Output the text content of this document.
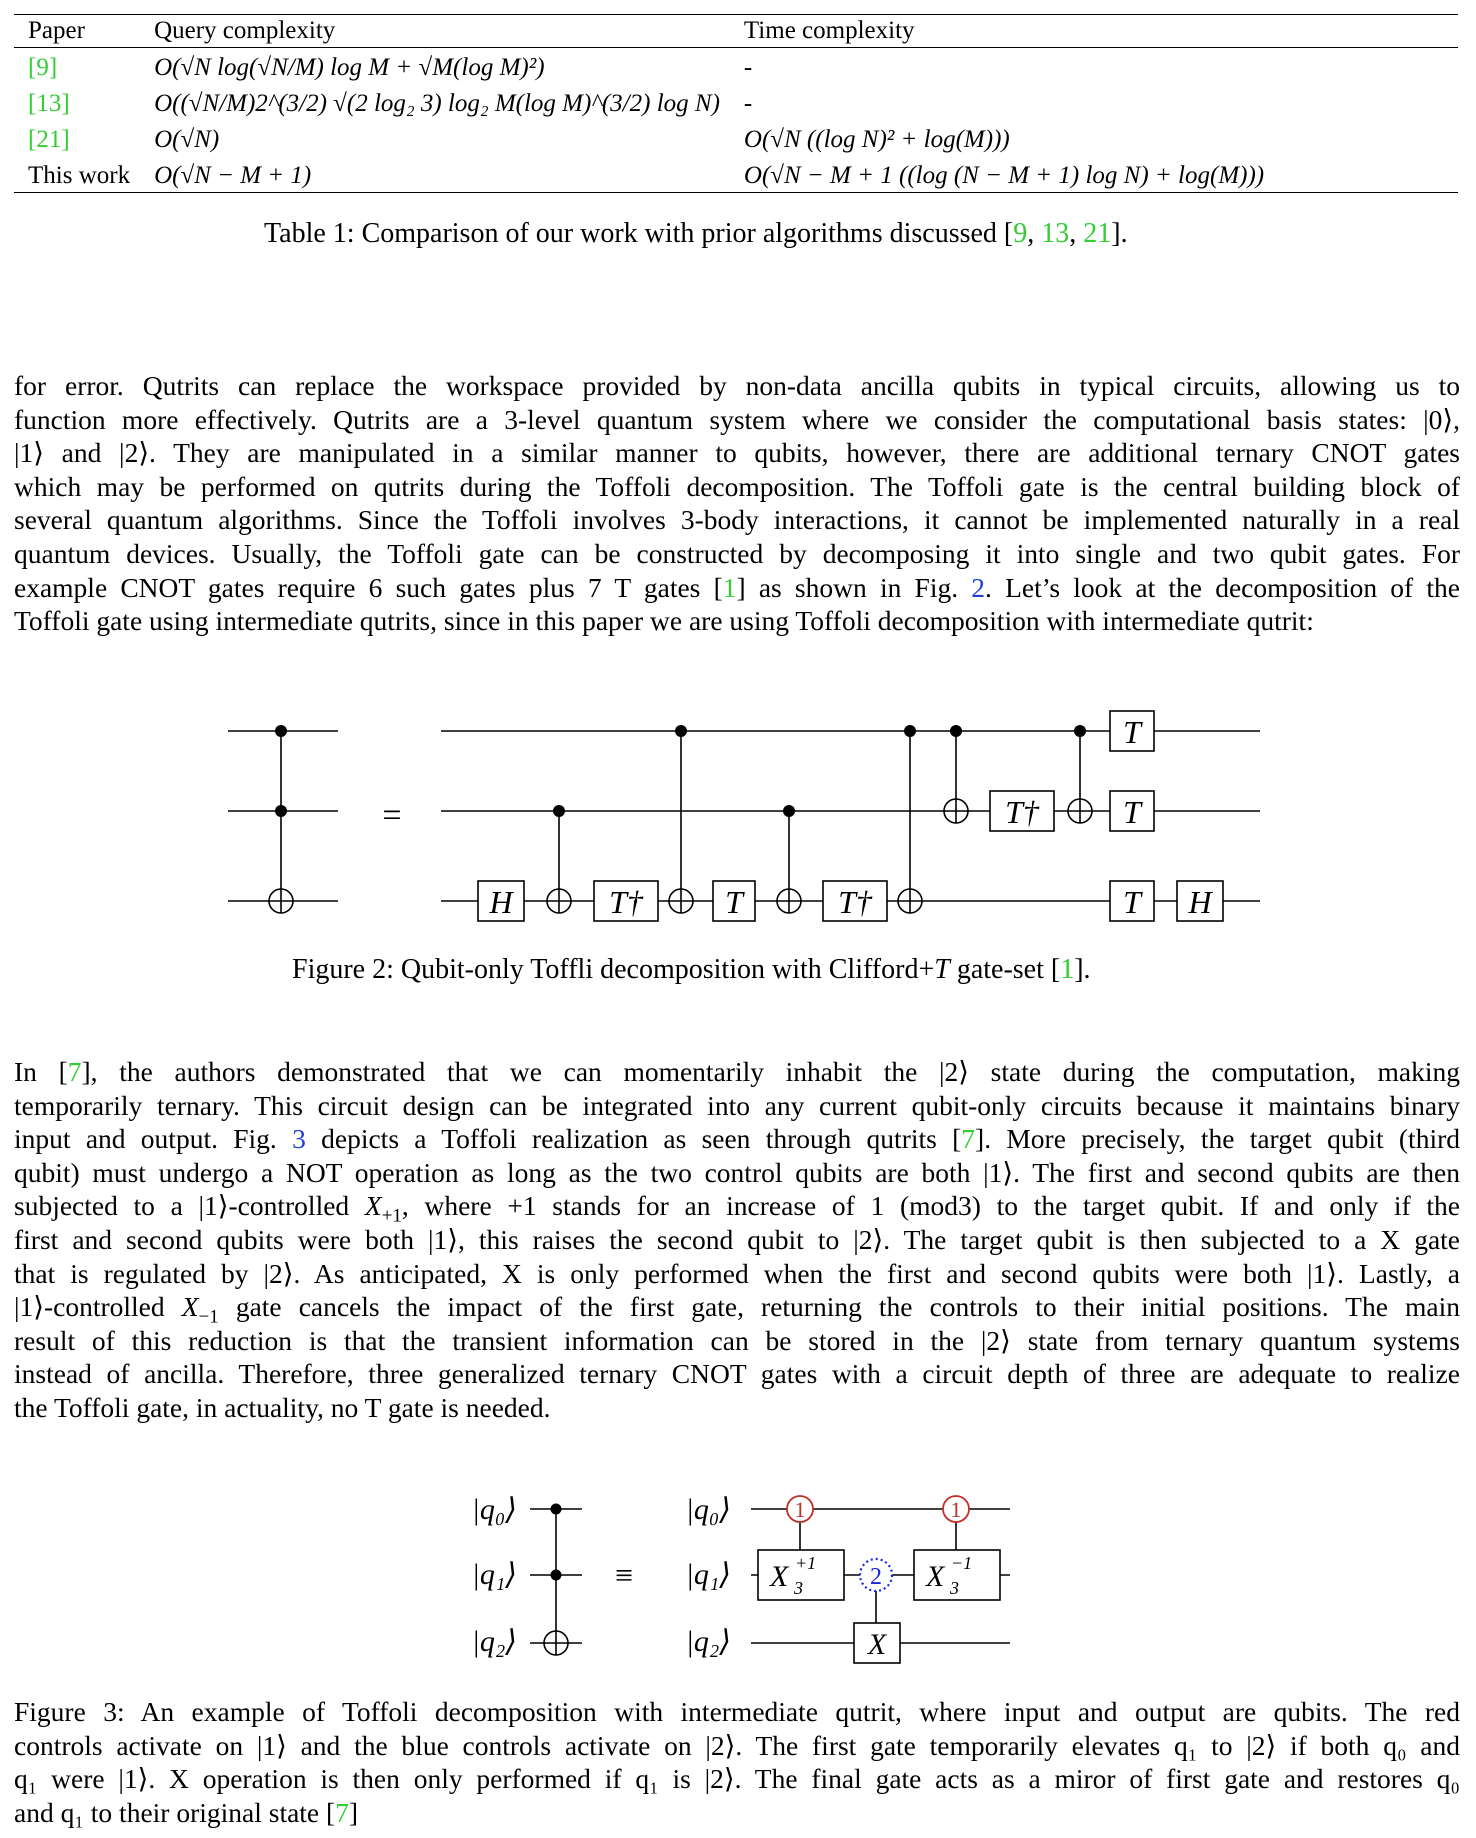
Paper	Query complexity	Time complexity
[9]	O(√N log(√N/M) log M + √M(log M)²)	-
[13]	O((√N/M)2^(3/2) √(2 log₂ 3) log₂ M(log M)^(3/2) log N)	-
[21]	O(√N)	O(√N ((log N)² + log(M)))
This work	O(√N − M + 1)	O(√N − M + 1 ((log (N − M + 1) log N) + log(M)))
Table 1: Comparison of our work with prior algorithms discussed [9, 13, 21].
for error. Qutrits can replace the workspace provided by non-data ancilla qubits in typical circuits, allowing us to
function more effectively. Qutrits are a 3-level quantum system where we consider the computational basis states: |0⟩,
|1⟩ and |2⟩. They are manipulated in a similar manner to qubits, however, there are additional ternary CNOT gates
which may be performed on qutrits during the Toffoli decomposition. The Toffoli gate is the central building block of
several quantum algorithms. Since the Toffoli involves 3-body interactions, it cannot be implemented naturally in a real
quantum devices. Usually, the Toffoli gate can be constructed by decomposing it into single and two qubit gates. For
example CNOT gates require 6 such gates plus 7 T gates [1] as shown in Fig. 2. Let’s look at the decomposition of the
Toffoli gate using intermediate qutrits, since in this paper we are using Toffoli decomposition with intermediate qutrit:
=
H	T†	T	T†
T†
T
T
T H
Figure 2: Qubit-only Toffli decomposition with Clifford+T gate-set [1].
In [7], the authors demonstrated that we can momentarily inhabit the |2⟩ state during the computation, making
temporarily ternary. This circuit design can be integrated into any current qubit-only circuits because it maintains binary
input and output. Fig. 3 depicts a Toffoli realization as seen through qutrits [7]. More precisely, the target qubit (third
qubit) must undergo a NOT operation as long as the two control qubits are both |1⟩. The first and second qubits are then
subjected to a |1⟩-controlled $X_{+1}$, where +1 stands for an increase of 1 (mod3) to the target qubit. If and only if the
first and second qubits were both |1⟩, this raises the second qubit to |2⟩. The target qubit is then subjected to a X gate
that is regulated by |2⟩. As anticipated, X is only performed when the first and second qubits were both |1⟩. Lastly, a
|1⟩-controlled $X_{-1}$ gate cancels the impact of the first gate, returning the controls to their initial positions. The main
result of this reduction is that the transient information can be stored in the |2⟩ state from ternary quantum systems
instead of ancilla. Therefore, three generalized ternary CNOT gates with a circuit depth of three are adequate to realize
the Toffoli gate, in actuality, no T gate is needed.
|q₀⟩
|q₁⟩
|q₂⟩
|q₀⟩
|q₁⟩
|q₂⟩
≡
1	1
2
X +1
3	X −1
3
X
Figure 3: An example of Toffoli decomposition with intermediate qutrit, where input and output are qubits. The red
controls activate on |1⟩ and the blue controls activate on |2⟩. The first gate temporarily elevates q₁ to |2⟩ if both q₀ and
q₁ were |1⟩. X operation is then only performed if q₁ is |2⟩. The final gate acts as a miror of first gate and restores q₀
and q₁ to their original state [7]
